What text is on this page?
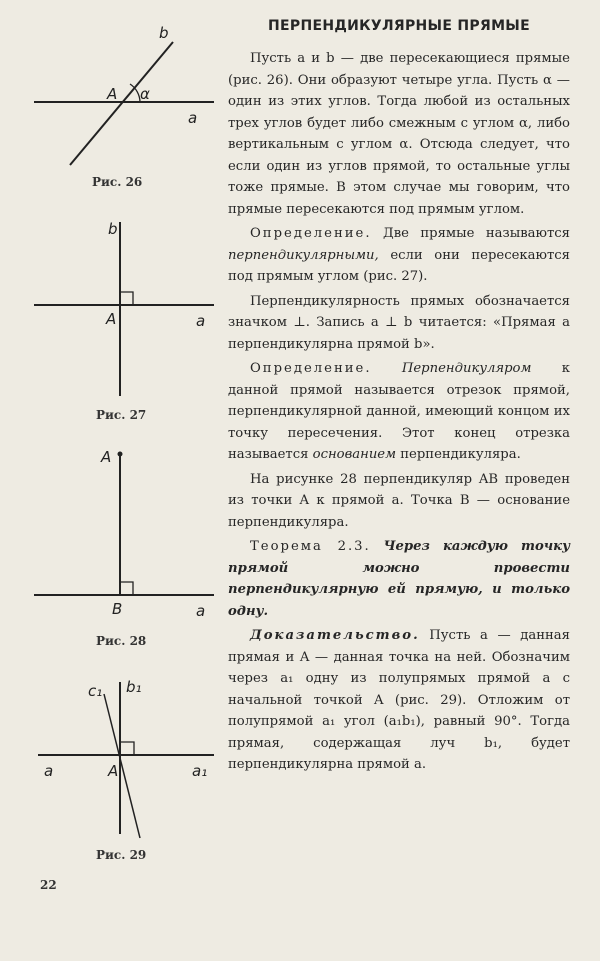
b
A α
a
Рис. 26
b
A	a
Рис. 27
A
B	a
Рис. 28
c₁ b₁
a	A	a₁
Рис. 29
ПЕРПЕНДИКУЛЯРНЫЕ ПРЯМЫЕ

Пусть a и b — две пересекающиеся прямые (рис. 26). Они образуют четыре угла. Пусть α — один из этих углов. Тогда любой из остальных трех углов будет либо смежным с углом α, либо вертикальным с углом α. Отсюда следует, что если один из углов прямой, то остальные углы тоже прямые. В этом случае мы говорим, что прямые пересекаются под прямым углом.

Определение. Две прямые называются перпендикулярными, если они пересекаются под прямым углом (рис. 27).

Перпендикулярность прямых обозначается значком ⊥. Запись a ⊥ b читается: «Прямая a перпендикулярна прямой b».

Определение. Перпендикуляром к данной прямой называется отрезок прямой, перпендикулярной данной, имеющий концом их точку пересечения. Этот конец отрезка называется основанием перпендикуляра.

На рисунке 28 перпендикуляр AB проведен из точки A к прямой a. Точка B — основание перпендикуляра.

Теорема 2.3. Через каждую точку прямой можно провести перпендикулярную ей прямую, и только одну.

Доказательство. Пусть a — данная прямая и A — данная точка на ней. Обозначим через a₁ одну из полупрямых прямой a с начальной точкой A (рис. 29). Отложим от полупрямой a₁ угол (a₁b₁), равный 90°. Тогда прямая, содержащая луч b₁, будет перпендикулярна прямой a.

22
